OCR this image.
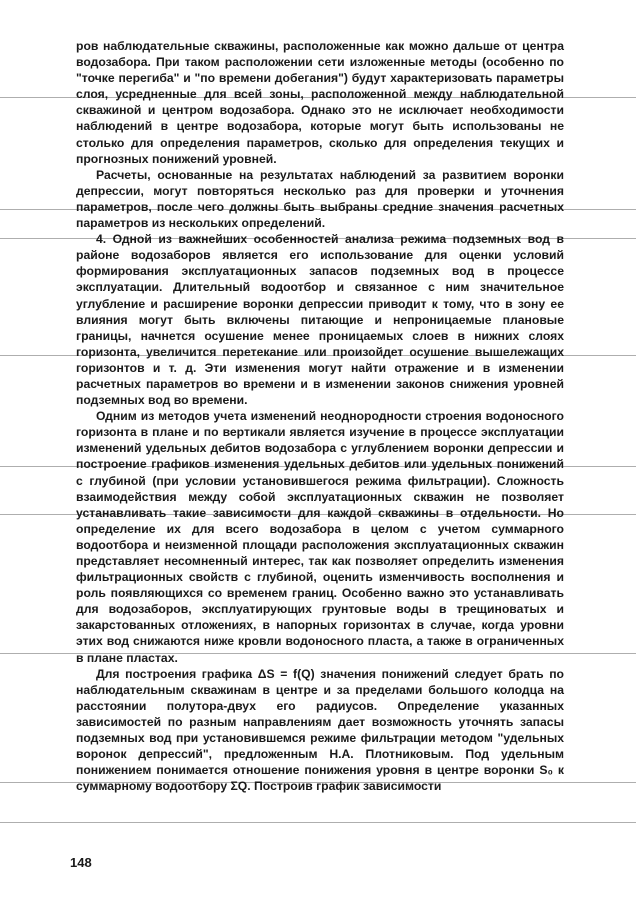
ров наблюдательные скважины, расположенные как можно дальше от центра водозабора. При таком расположении сети изложенные методы (особенно по "точке перегиба" и "по времени добегания") будут характеризовать параметры слоя, усредненные для всей зоны, расположенной между наблюдательной скважиной и центром водозабора. Однако это не исключает необходимости наблюдений в центре водозабора, которые могут быть использованы не столько для определения параметров, сколько для определения текущих и прогнозных понижений уровней.

Расчеты, основанные на результатах наблюдений за развитием воронки депрессии, могут повторяться несколько раз для проверки и уточнения параметров, после чего должны быть выбраны средние значения расчетных параметров из нескольких определений.

4. Одной из важнейших особенностей анализа режима подземных вод в районе водозаборов является его использование для оценки условий формирования эксплуатационных запасов подземных вод в процессе эксплуатации. Длительный водоотбор и связанное с ним значительное углубление и расширение воронки депрессии приводит к тому, что в зону ее влияния могут быть включены питающие и непроницаемые плановые границы, начнется осушение менее проницаемых слоев в нижних слоях горизонта, увеличится перетекание или произойдет осушение вышележащих горизонтов и т. д. Эти изменения могут найти отражение и в изменении расчетных параметров во времени и в изменении законов снижения уровней подземных вод во времени.

Одним из методов учета изменений неоднородности строения водоносного горизонта в плане и по вертикали является изучение в процессе эксплуатации изменений удельных дебитов водозабора с углублением воронки депрессии и построение графиков изменения удельных дебитов или удельных понижений с глубиной (при условии установившегося режима фильтрации). Сложность взаимодействия между собой эксплуатационных скважин не позволяет устанавливать такие зависимости для каждой скважины в отдельности. Но определение их для всего водозабора в целом с учетом суммарного водоотбора и неизменной площади расположения эксплуатационных скважин представляет несомненный интерес, так как позволяет определить изменения фильтрационных свойств с глубиной, оценить изменчивость восполнения и роль появляющихся со временем границ. Особенно важно это устанавливать для водозаборов, эксплуатирующих грунтовые воды в трещиноватых и закарстованных отложениях, в напорных горизонтах в случае, когда уровни этих вод снижаются ниже кровли водоносного пласта, а также в ограниченных в плане пластах.

Для построения графика ΔS = f(Q) значения понижений следует брать по наблюдательным скважинам в центре и за пределами большого колодца на расстоянии полутора-двух его радиусов. Определение указанных зависимостей по разным направлениям дает возможность уточнять запасы подземных вод при установившемся режиме фильтрации методом "удельных воронок депрессий", предложенным Н.А. Плотниковым. Под удельным понижением понимается отношение понижения уровня в центре воронки S₀ к суммарному водоотбору ΣQ. Построив график зависимости

148
